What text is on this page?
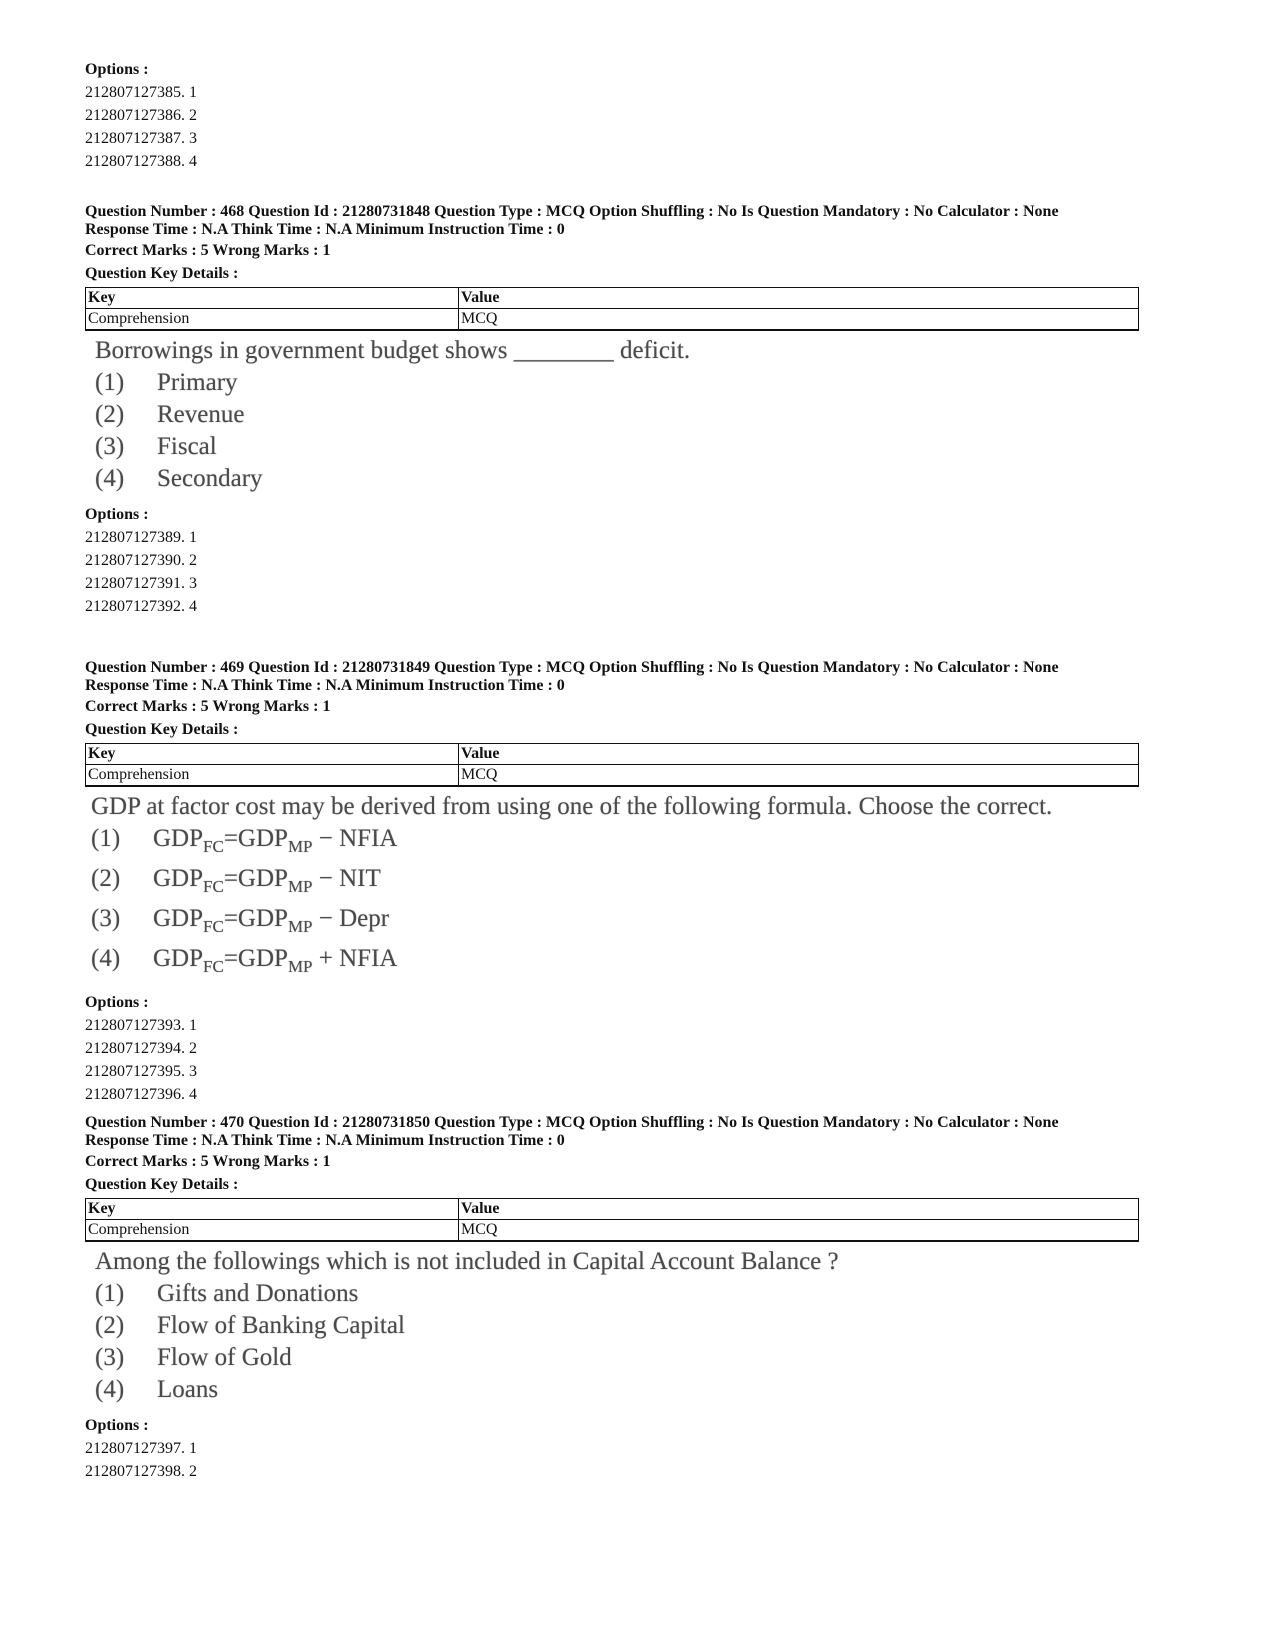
Options :
212807127385. 1
212807127386. 2
212807127387. 3
212807127388. 4
Question Number : 468 Question Id : 21280731848 Question Type : MCQ Option Shuffling : No Is Question Mandatory : No Calculator : None
Response Time : N.A Think Time : N.A Minimum Instruction Time : 0
Correct Marks : 5 Wrong Marks : 1
Question Key Details :
Key	Value
Comprehension	MCQ
Borrowings in government budget shows ________ deficit.
(1)	Primary
(2)	Revenue
(3)	Fiscal
(4)	Secondary
Options :
212807127389. 1
212807127390. 2
212807127391. 3
212807127392. 4
Question Number : 469 Question Id : 21280731849 Question Type : MCQ Option Shuffling : No Is Question Mandatory : No Calculator : None
Response Time : N.A Think Time : N.A Minimum Instruction Time : 0
Correct Marks : 5 Wrong Marks : 1
Question Key Details :
Key	Value
Comprehension	MCQ
GDP at factor cost may be derived from using one of the following formula. Choose the correct.
(1)	$GDP_{FC}=GDP_{MP}$ − NFIA
(2)	$GDP_{FC}=GDP_{MP}$ − NIT
(3)	$GDP_{FC}=GDP_{MP}$ − Depr
(4)	$GDP_{FC}=GDP_{MP}$ + NFIA
Options :
212807127393. 1
212807127394. 2
212807127395. 3
212807127396. 4
Question Number : 470 Question Id : 21280731850 Question Type : MCQ Option Shuffling : No Is Question Mandatory : No Calculator : None
Response Time : N.A Think Time : N.A Minimum Instruction Time : 0
Correct Marks : 5 Wrong Marks : 1
Question Key Details :
Key	Value
Comprehension	MCQ
Among the followings which is not included in Capital Account Balance ?
(1)	Gifts and Donations
(2)	Flow of Banking Capital
(3)	Flow of Gold
(4)	Loans
Options :
212807127397. 1
212807127398. 2
